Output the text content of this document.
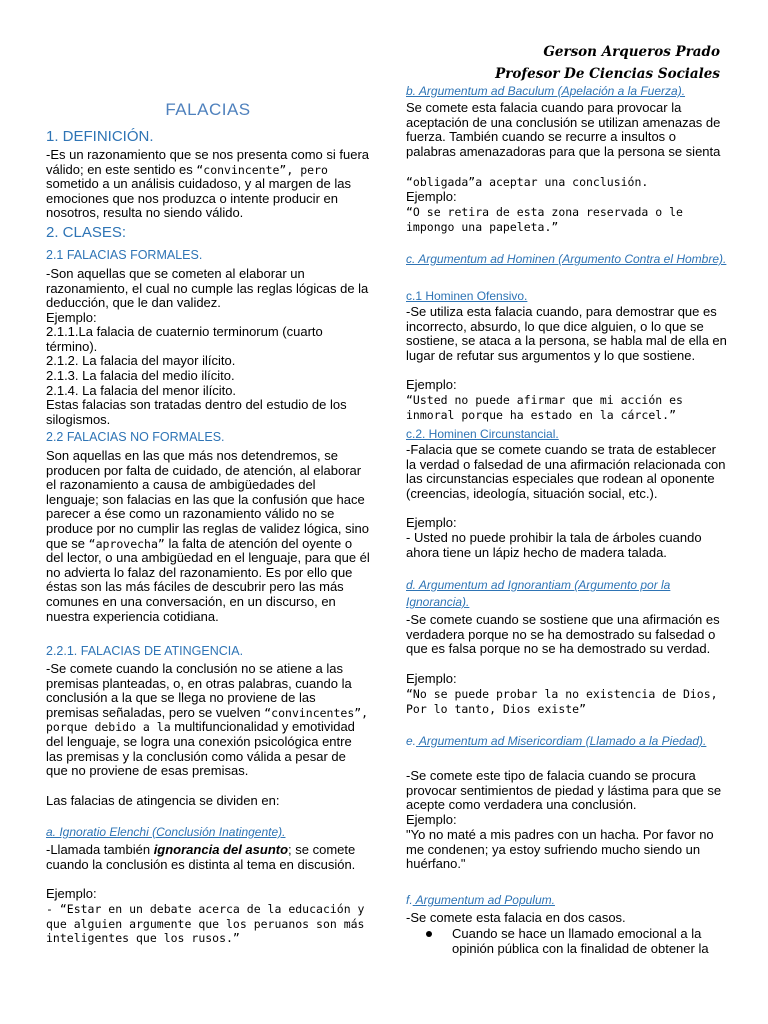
Gerson Arqueros Prado
Profesor De Ciencias Sociales
FALACIAS
1. DEFINICIÓN.

-Es un razonamiento que se nos presenta como si fuera válido; en este sentido es “convincente”, pero sometido a un análisis cuidadoso, y al margen de las emociones que nos produzca o intente producir en nosotros, resulta no siendo válido.

2. CLASES:
2.1 FALACIAS FORMALES.

-Son aquellas que se cometen al elaborar un razonamiento, el cual no cumple las reglas lógicas de la deducción, que le dan validez.

Ejemplo:

2.1.1.La falacia de cuaternio terminorum (cuarto término).

2.1.2. La falacia del mayor ilícito.

2.1.3. La falacia del medio ilícito.

2.1.4. La falacia del menor ilícito.

Estas falacias son tratadas dentro del estudio de los silogismos.

2.2 FALACIAS NO FORMALES.

Son aquellas en las que más nos detendremos, se producen por falta de cuidado, de atención, al elaborar el razonamiento a causa de ambigüedades del lenguaje; son falacias en las que la confusión que hace parecer a ése como un razonamiento válido no se produce por no cumplir las reglas de validez lógica, sino que se “aprovecha” la falta de atención del oyente o del lector, o una ambigüedad en el lenguaje, para que él no advierta lo falaz del razonamiento. Es por ello que éstas son las más fáciles de descubrir pero las más comunes en una conversación, en un discurso, en nuestra experiencia cotidiana.

2.2.1. FALACIAS DE ATINGENCIA.

-Se comete cuando la conclusión no se atiene a las premisas planteadas, o, en otras palabras, cuando la conclusión a la que se llega no proviene de las premisas señaladas, pero se vuelven “convincentes”, porque debido a la multifuncionalidad y emotividad del lenguaje, se logra una conexión psicológica entre las premisas y la conclusión como válida a pesar de que no proviene de esas premisas.

Las falacias de atingencia se dividen en:

a. Ignoratio Elenchi (Conclusión Inatingente).

-Llamada también ignorancia del asunto; se comete cuando la conclusión es distinta al tema en discusión.

Ejemplo:

- “Estar en un debate acerca de la educación y que alguien argumente que los peruanos son más inteligentes que los rusos.”

b. Argumentum ad Baculum (Apelación a la Fuerza).

Se comete esta falacia cuando para provocar la aceptación de una conclusión se utilizan amenazas de fuerza. También cuando se recurre a insultos o palabras amenazadoras para que la persona se sienta

“obligada”a aceptar una conclusión.

Ejemplo:

“O se retira de esta zona reservada o le impongo una papeleta.”

c. Argumentum ad Hominen (Argumento Contra el Hombre).
c.1 Hominen Ofensivo.

-Se utiliza esta falacia cuando, para demostrar que es incorrecto, absurdo, lo que dice alguien, o lo que se sostiene, se ataca a la persona, se habla mal de ella en lugar de refutar sus argumentos y lo que sostiene.

Ejemplo:

“Usted no puede afirmar que mi acción es inmoral porque ha estado en la cárcel.”

c.2. Hominen Circunstancial.

-Falacia que se comete cuando se trata de establecer la verdad o falsedad de una afirmación relacionada con las circunstancias especiales que rodean al oponente (creencias, ideología, situación social, etc.).

Ejemplo:

- Usted no puede prohibir la tala de árboles cuando ahora tiene un lápiz hecho de madera talada.

d. Argumentum ad Ignorantiam (Argumento por la Ignorancia).

-Se comete cuando se sostiene que una afirmación es verdadera porque no se ha demostrado su falsedad o que es falsa porque no se ha demostrado su verdad.

Ejemplo:

“No se puede probar la no existencia de Dios, Por lo tanto, Dios existe”

e. Argumentum ad Misericordiam (Llamado a la Piedad).

-Se comete este tipo de falacia cuando se procura provocar sentimientos de piedad y lástima para que se acepte como verdadera una conclusión.

Ejemplo:

"Yo no maté a mis padres con un hacha. Por favor no me condenen; ya estoy sufriendo mucho siendo un huérfano."

f. Argumentum ad Populum.

-Se comete esta falacia en dos casos.

Cuando se hace un llamado emocional a la opinión pública con la finalidad de obtener la
